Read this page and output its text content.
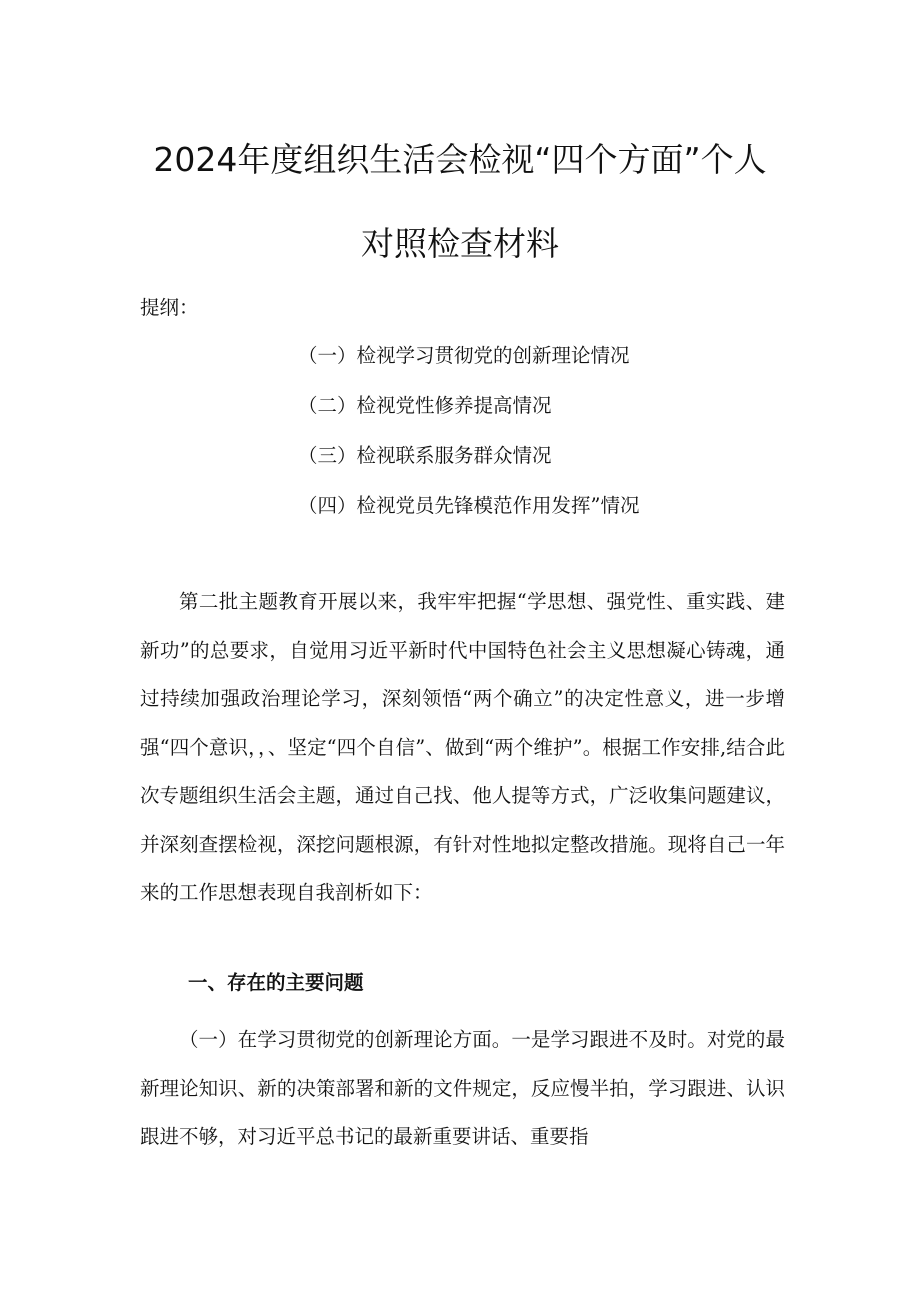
2024年度组织生活会检视“四个方面”个人
对照检查材料
提纲：
（一）检视学习贯彻党的创新理论情况
（二）检视党性修养提高情况
（三）检视联系服务群众情况
（四）检视党员先锋模范作用发挥”情况

第二批主题教育开展以来，我牢牢把握“学思想、强党性、重实践、建新功”的总要求，自觉用习近平新时代中国特色社会主义思想凝心铸魂，通过持续加强政治理论学习，深刻领悟“两个确立”的决定性意义，进一步增强“四个意识，，、坚定“四个自信”、做到“两个维护”。根据工作安排,结合此次专题组织生活会主题，通过自己找、他人提等方式，广泛收集问题建议，并深刻查摆检视，深挖问题根源，有针对性地拟定整改措施。现将自己一年来的工作思想表现自我剖析如下：

一、存在的主要问题

（一）在学习贯彻党的创新理论方面。一是学习跟进不及时。对党的最新理论知识、新的决策部署和新的文件规定，反应慢半拍，学习跟进、认识跟进不够，对习近平总书记的最新重要讲话、重要指
